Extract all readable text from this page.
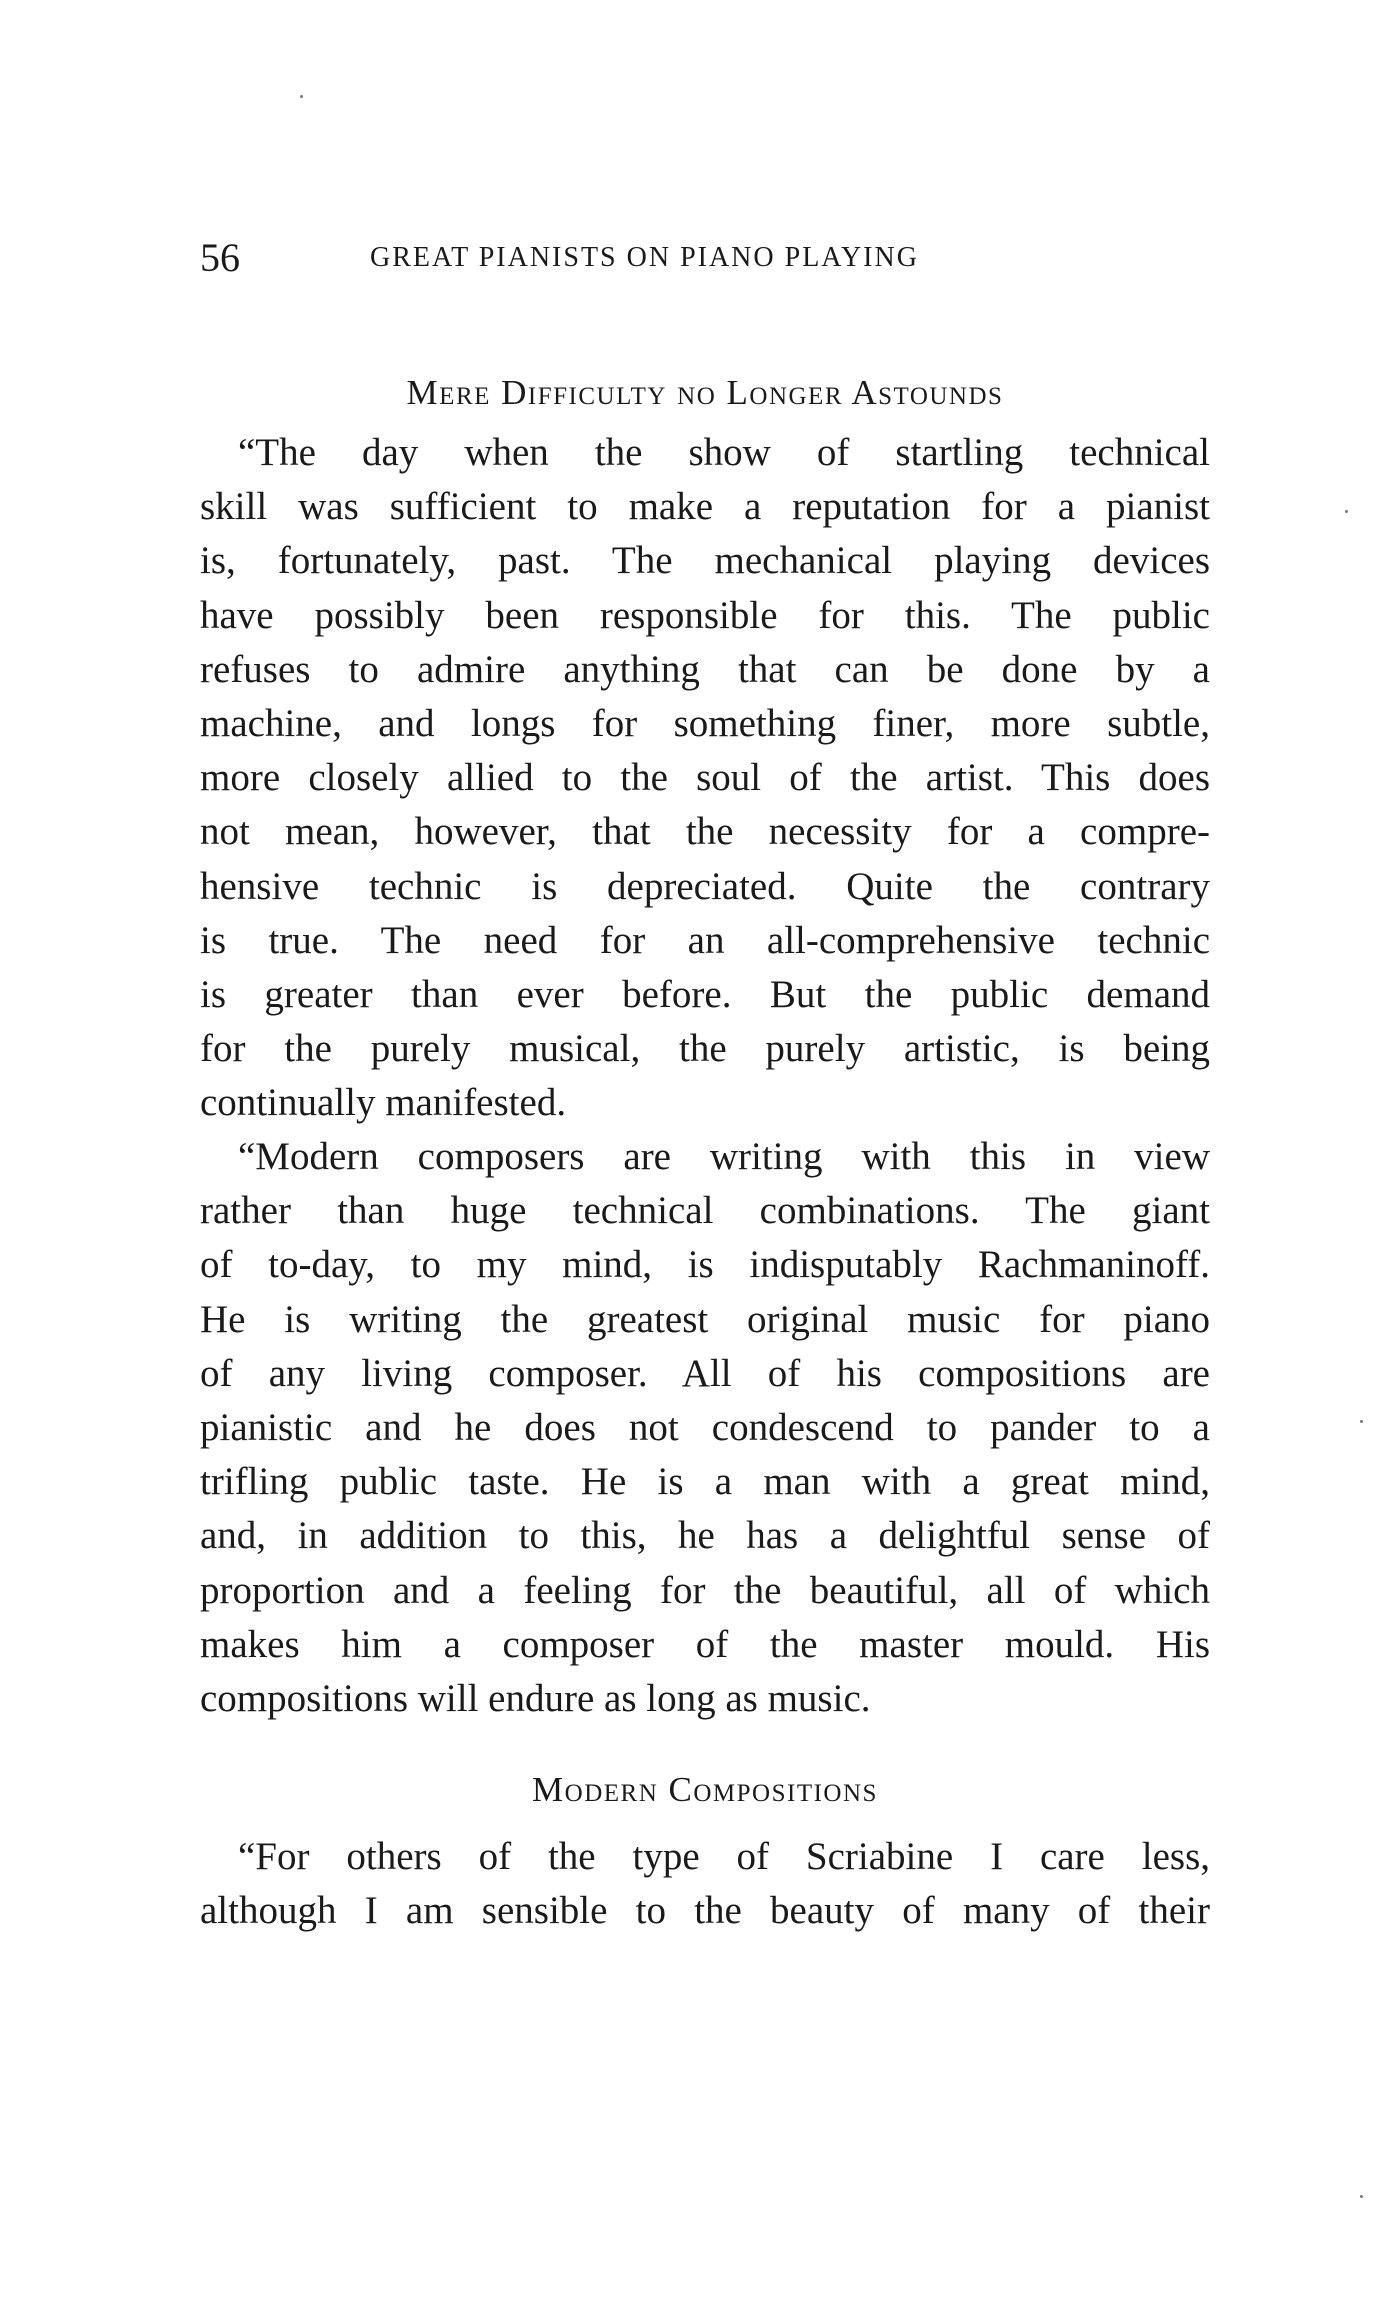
56	GREAT PIANISTS ON PIANO PLAYING
Mere Difficulty no Longer Astounds
“The day when the show of startling technical
skill was sufficient to make a reputation for a pianist
is, fortunately, past. The mechanical playing devices
have possibly been responsible for this. The public
refuses to admire anything that can be done by a
machine, and longs for something finer, more subtle,
more closely allied to the soul of the artist. This does
not mean, however, that the necessity for a compre-
hensive technic is depreciated. Quite the contrary
is true. The need for an all-comprehensive technic
is greater than ever before. But the public demand
for the purely musical, the purely artistic, is being
continually manifested.
“Modern composers are writing with this in view
rather than huge technical combinations. The giant
of to-day, to my mind, is indisputably Rachmaninoff.
He is writing the greatest original music for piano
of any living composer. All of his compositions are
pianistic and he does not condescend to pander to a
trifling public taste. He is a man with a great mind,
and, in addition to this, he has a delightful sense of
proportion and a feeling for the beautiful, all of which
makes him a composer of the master mould. His
compositions will endure as long as music.
Modern Compositions
“For others of the type of Scriabine I care less,
although I am sensible to the beauty of many of their
